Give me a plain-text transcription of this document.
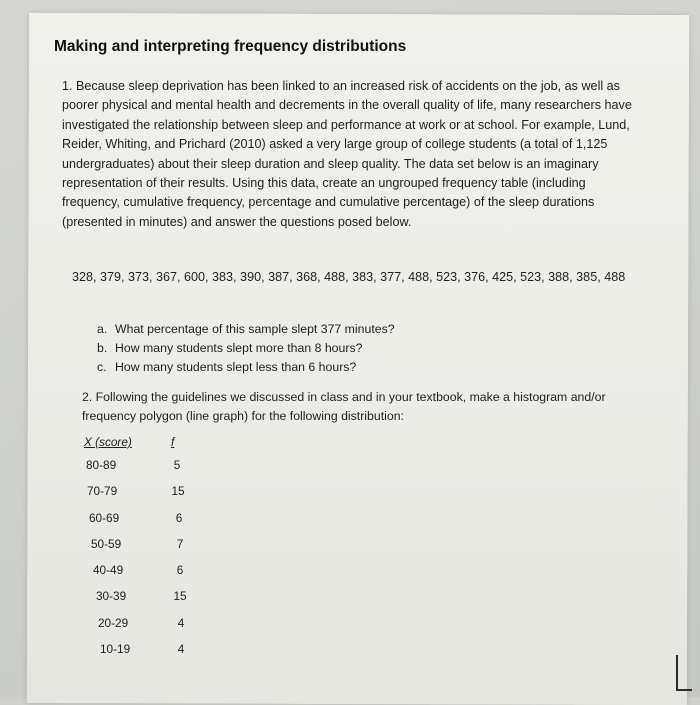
Making and interpreting frequency distributions

1. Because sleep deprivation has been linked to an increased risk of accidents on the job, as well as poorer physical and mental health and decrements in the overall quality of life, many researchers have investigated the relationship between sleep and performance at work or at school. For example, Lund, Reider, Whiting, and Prichard (2010) asked a very large group of college students (a total of 1,125 undergraduates) about their sleep duration and sleep quality. The data set below is an imaginary representation of their results. Using this data, create an ungrouped frequency table (including frequency, cumulative frequency, percentage and cumulative percentage) of the sleep durations (presented in minutes) and answer the questions posed below.

328, 379, 373, 367, 600, 383, 390, 387, 368, 488, 383, 377, 488, 523, 376, 425, 523, 388, 385, 488

a. What percentage of this sample slept 377 minutes?
b. How many students slept more than 8 hours?
c. How many students slept less than 6 hours?

2. Following the guidelines we discussed in class and in your textbook, make a histogram and/or frequency polygon (line graph) for the following distribution:

X (score)	f
80-89	5
70-79	15
60-69	6
50-59	7
40-49	6
30-39	15
20-29	4
10-19	4
